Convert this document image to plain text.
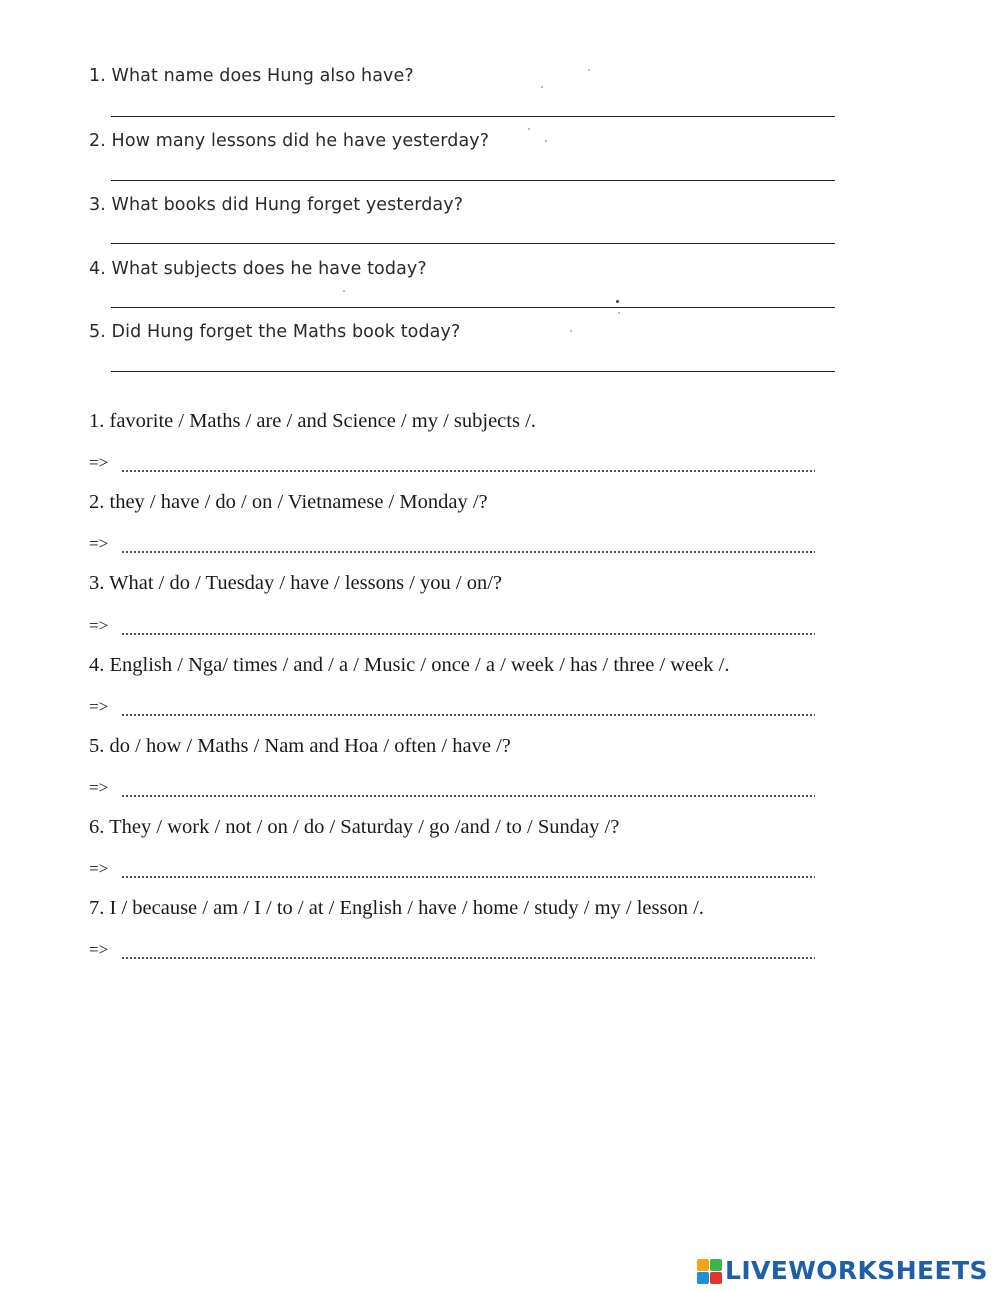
1. What name does Hung also have?
2. How many lessons did he have yesterday?
3. What books did Hung forget yesterday?
4. What subjects does he have today?
5. Did Hung forget the Maths book today?
1. favorite / Maths / are / and Science / my / subjects /.
=>
2. they / have / do / on / Vietnamese / Monday /?
=>
3. What / do / Tuesday / have / lessons / you / on/?
=>
4. English / Nga/ times / and / a / Music / once / a / week / has / three / week /.
=>
5. do / how / Maths / Nam and Hoa / often / have /?
=>
6. They / work / not / on / do / Saturday / go /and / to / Sunday /?
=>
7. I / because / am / I / to / at / English / have / home / study / my / lesson /.
=>
LIVEWORKSHEETS
